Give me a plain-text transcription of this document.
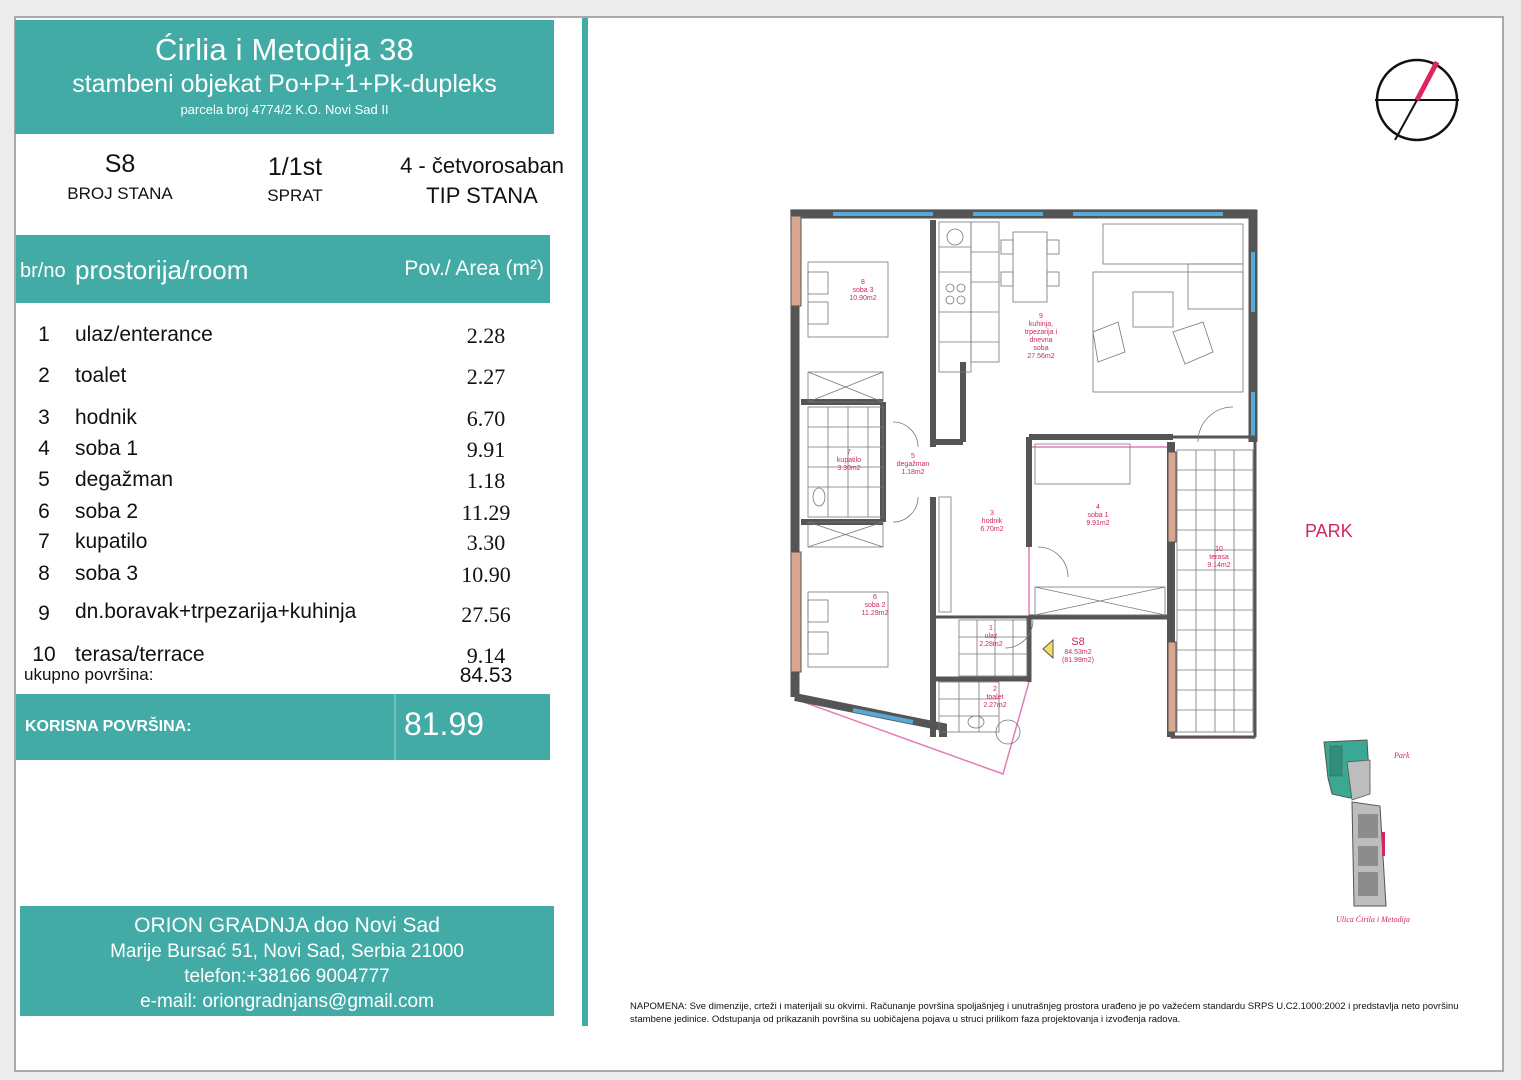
Ćirlia i Metodija 38
stambeni objekat Po+P+1+Pk-dupleks
parcela broj 4774/2 K.O. Novi Sad II
S8
BROJ STANA
1/1st
SPRAT
4 - četvorosaban
TIP STANA
br/no prostorija/room	Pov./ Area (m²)
1	ulaz/enterance	2.28
2	toalet	2.27
3	hodnik	6.70
4	soba 1	9.91
5	degažman	1.18
6	soba 2	11.29
7	kupatilo	3.30
8	soba 3	10.90
9	dn.boravak+trpezarija+kuhinja	27.56
10 terasa/terrace	9.14
ukupno površina:	84.53
KORISNA POVRŠINA:	81.99
ORION GRADNJA doo Novi Sad
Marije Bursać 51, Novi Sad, Serbia 21000
telefon:+38166 9004777
e-mail: oriongradnjans@gmail.com
8 soba 3 10.90m2
9 kuhinja, trpezarija i dnevna soba 27.56m2
7 kupatilo 3.30m2
5 degažman 1.18m2
3 hodnik 6.70m2
4 soba 1 9.91m2
10 terasa 9.14m2
6 soba 2 11.29m2
1 ulaz 2.28m2
2 toalet 2.27m2
S8 84.53m2 (81.99m2)
PARK
Park
Ulica Ćirila i Metodija
NAPOMENA: Sve dimenzije, crteži i materijali su okvirni. Računanje površina spoljašnjeg i unutrašnjeg prostora urađeno je po važećem standardu SRPS U.C2.1000:2002 i predstavlja neto površinu stambene jedinice. Odstupanja od prikazanih površina su uobičajena pojava u struci prilikom faza projektovanja i izvođenja radova.
